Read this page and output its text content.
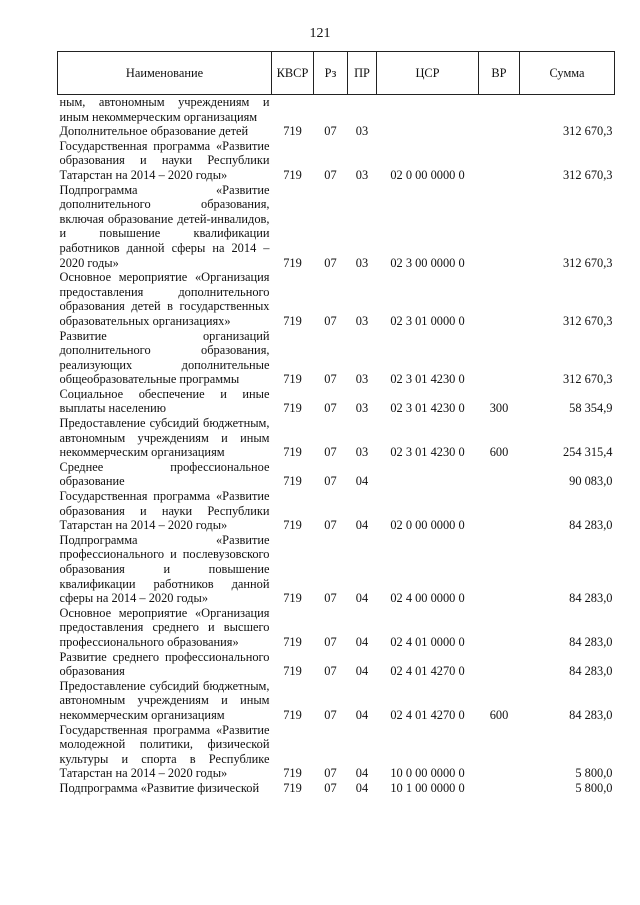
121
Наименование	КВСР	Рз	ПР	ЦСР	ВР	Сумма
ным, автономным учреждениям и иным некоммерческим организациям						
Дополнительное образование детей	719	07	03			312 670,3
Государственная программа «Развитие образования и науки Республики Татарстан на 2014 – 2020 годы»	719	07	03	02 0 00 0000 0		312 670,3
Подпрограмма «Развитие дополнительного образования, включая образование детей-инвалидов, и повышение квалификации работников данной сферы на 2014 – 2020 годы»	719	07	03	02 3 00 0000 0		312 670,3
Основное мероприятие «Организация предоставления дополнительного образования детей в государственных образовательных организациях»	719	07	03	02 3 01 0000 0		312 670,3
Развитие организаций дополнительного образования, реализующих дополнительные общеобразовательные программы	719	07	03	02 3 01 4230 0		312 670,3
Социальное обеспечение и иные выплаты населению	719	07	03	02 3 01 4230 0	300	58 354,9
Предоставление субсидий бюджетным, автономным учреждениям и иным некоммерческим организациям	719	07	03	02 3 01 4230 0	600	254 315,4
Среднее профессиональное образование	719	07	04			90 083,0
Государственная программа «Развитие образования и науки Республики Татарстан на 2014 – 2020 годы»	719	07	04	02 0 00 0000 0		84 283,0
Подпрограмма «Развитие профессионального и послевузовского образования и повышение квалификации работников данной сферы на 2014 – 2020 годы»	719	07	04	02 4 00 0000 0		84 283,0
Основное мероприятие «Организация предоставления среднего и высшего профессионального образования»	719	07	04	02 4 01 0000 0		84 283,0
Развитие среднего профессионального образования	719	07	04	02 4 01 4270 0		84 283,0
Предоставление субсидий бюджетным, автономным учреждениям и иным некоммерческим организациям	719	07	04	02 4 01 4270 0	600	84 283,0
Государственная программа «Развитие молодежной политики, физической культуры и спорта в Республике Татарстан на 2014 – 2020 годы»	719	07	04	10 0 00 0000 0		5 800,0
Подпрограмма «Развитие физической	719	07	04	10 1 00 0000 0		5 800,0
